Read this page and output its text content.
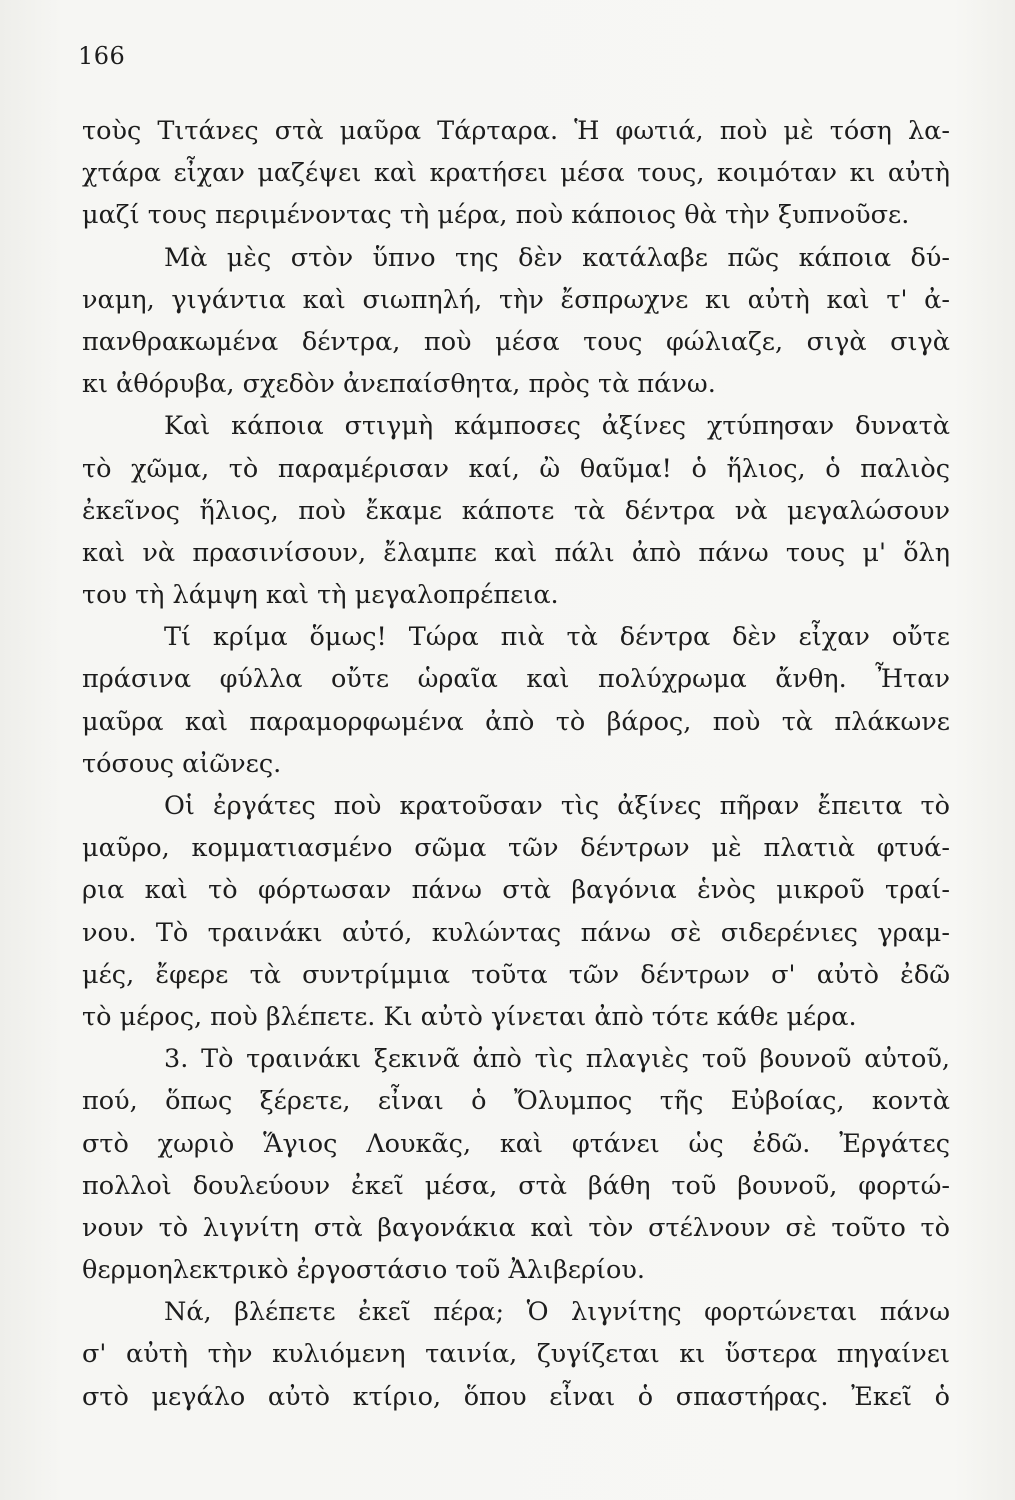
166
τοὺς Τιτάνες στὰ μαῦρα Τάρταρα. Ἡ φωτιά, ποὺ μὲ τόση λα-
χτάρα εἶχαν μαζέψει καὶ κρατήσει μέσα τους, κοιμόταν κι αὐτὴ
μαζί τους περιμένοντας τὴ μέρα, ποὺ κάποιος θὰ τὴν ξυπνοῦσε.
Μὰ μὲς στὸν ὕπνο της δὲν κατάλαβε πῶς κάποια δύ-
ναμη, γιγάντια καὶ σιωπηλή, τὴν ἔσπρωχνε κι αὐτὴ καὶ τ' ἀ-
πανθρακωμένα δέντρα, ποὺ μέσα τους φώλιαζε, σιγὰ σιγὰ
κι ἀθόρυβα, σχεδὸν ἀνεπαίσθητα, πρὸς τὰ πάνω.
Καὶ κάποια στιγμὴ κάμποσες ἀξίνες χτύπησαν δυνατὰ
τὸ χῶμα, τὸ παραμέρισαν καί, ὢ θαῦμα! ὁ ἥλιος, ὁ παλιὸς
ἐκεῖνος ἥλιος, ποὺ ἔκαμε κάποτε τὰ δέντρα νὰ μεγαλώσουν
καὶ νὰ πρασινίσουν, ἔλαμπε καὶ πάλι ἀπὸ πάνω τους μ' ὅλη
του τὴ λάμψη καὶ τὴ μεγαλοπρέπεια.
Τί κρίμα ὅμως! Τώρα πιὰ τὰ δέντρα δὲν εἶχαν οὔτε
πράσινα φύλλα οὔτε ὡραῖα καὶ πολύχρωμα ἄνθη. Ἦταν
μαῦρα καὶ παραμορφωμένα ἀπὸ τὸ βάρος, ποὺ τὰ πλάκωνε
τόσους αἰῶνες.
Οἱ ἐργάτες ποὺ κρατοῦσαν τὶς ἀξίνες πῆραν ἔπειτα τὸ
μαῦρο, κομματιασμένο σῶμα τῶν δέντρων μὲ πλατιὰ φτυά-
ρια καὶ τὸ φόρτωσαν πάνω στὰ βαγόνια ἑνὸς μικροῦ τραί-
νου. Τὸ τραινάκι αὐτό, κυλώντας πάνω σὲ σιδερένιες γραμ-
μές, ἔφερε τὰ συντρίμμια τοῦτα τῶν δέντρων σ' αὐτὸ ἐδῶ
τὸ μέρος, ποὺ βλέπετε. Κι αὐτὸ γίνεται ἀπὸ τότε κάθε μέρα.
3. Τὸ τραινάκι ξεκινᾶ ἀπὸ τὶς πλαγιὲς τοῦ βουνοῦ αὐτοῦ,
πού, ὅπως ξέρετε, εἶναι ὁ Ὄλυμπος τῆς Εὐβοίας, κοντὰ
στὸ χωριὸ Ἅγιος Λουκᾶς, καὶ φτάνει ὡς ἐδῶ. Ἐργάτες
πολλοὶ δουλεύουν ἐκεῖ μέσα, στὰ βάθη τοῦ βουνοῦ, φορτώ-
νουν τὸ λιγνίτη στὰ βαγονάκια καὶ τὸν στέλνουν σὲ τοῦτο τὸ
θερμοηλεκτρικὸ ἐργοστάσιο τοῦ Ἀλιβερίου.
Νά, βλέπετε ἐκεῖ πέρα; Ὁ λιγνίτης φορτώνεται πάνω
σ' αὐτὴ τὴν κυλιόμενη ταινία, ζυγίζεται κι ὕστερα πηγαίνει
στὸ μεγάλο αὐτὸ κτίριο, ὅπου εἶναι ὁ σπαστήρας. Ἐκεῖ ὁ
